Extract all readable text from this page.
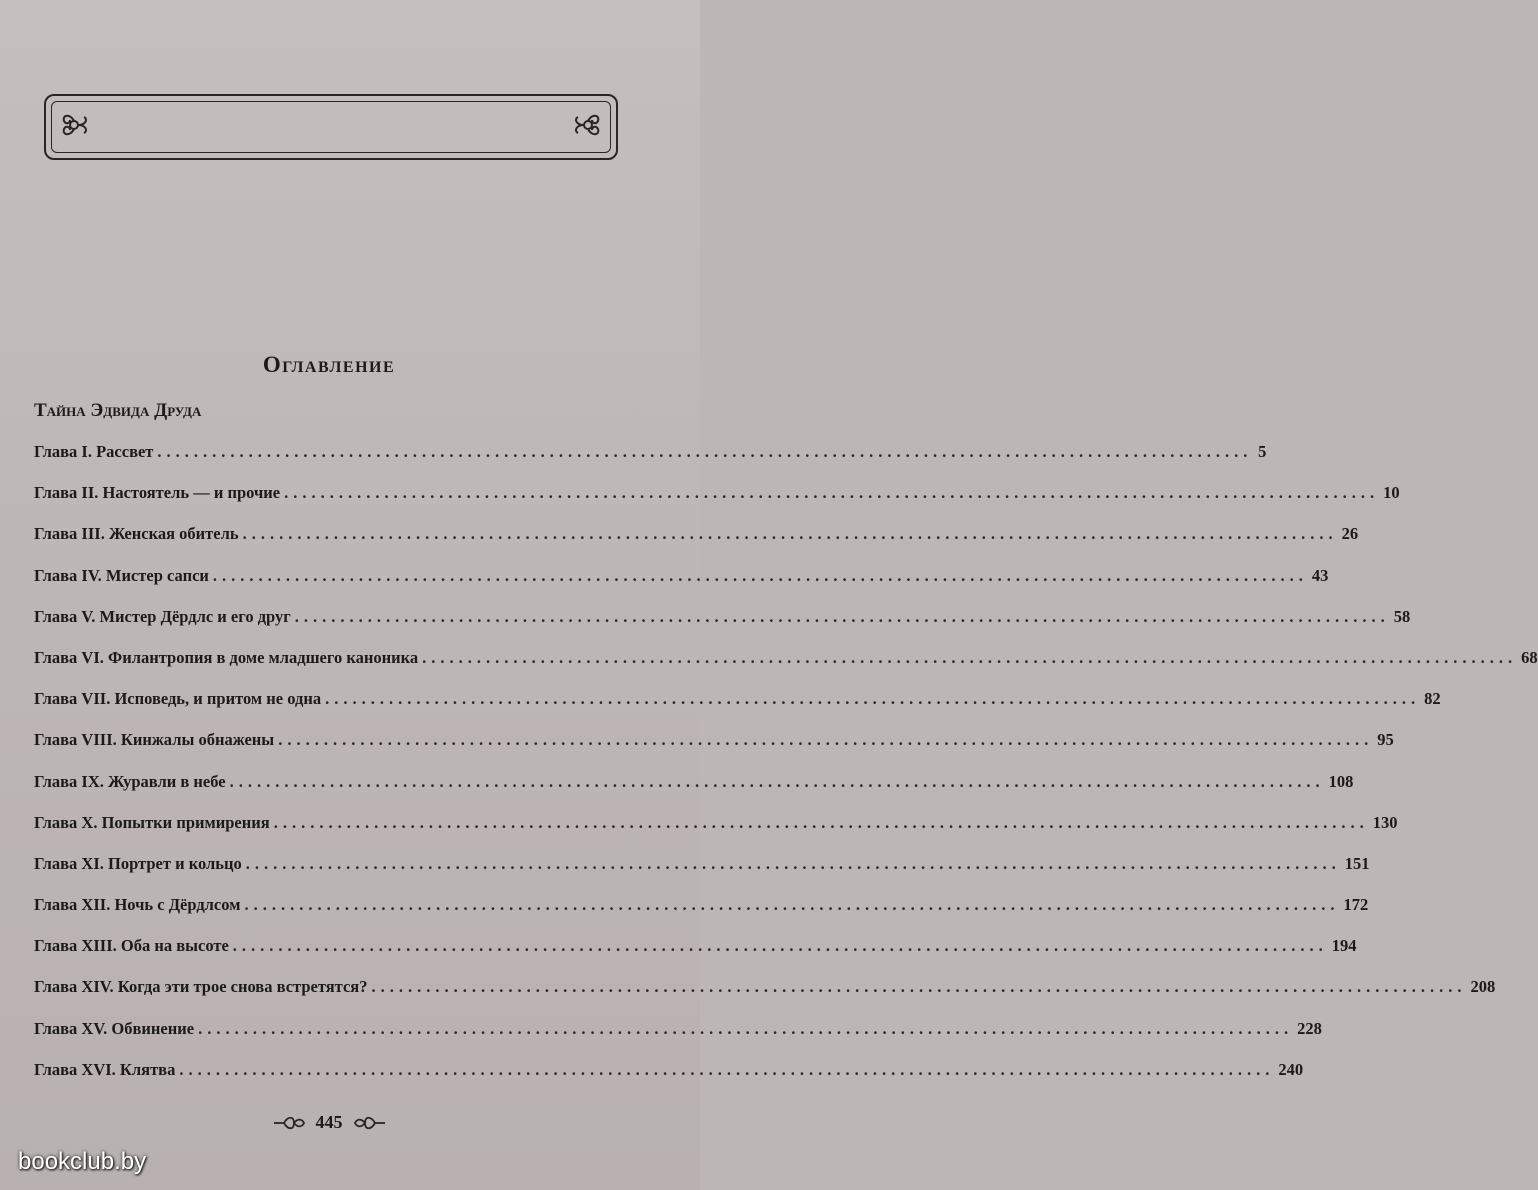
Оглавление
Тайна Эдвида Друда
Глава I. Рассвет ........................................................................................................................ 5
Глава II. Настоятель — и прочие ........................................................................................................................ 10
Глава III. Женская обитель ........................................................................................................................ 26
Глава IV. Мистер сапси ........................................................................................................................ 43
Глава V. Мистер Дёрдлс и его друг ........................................................................................................................ 58
Глава VI. Филантропия в доме младшего каноника ........................................................................................................................ 68
Глава VII. Исповедь, и притом не одна ........................................................................................................................ 82
Глава VIII. Кинжалы обнажены ........................................................................................................................ 95
Глава IX. Журавли в небе ........................................................................................................................ 108
Глава X. Попытки примирения ........................................................................................................................ 130
Глава XI. Портрет и кольцо ........................................................................................................................ 151
Глава XII. Ночь с Дёрдлсом ........................................................................................................................ 172
Глава XIII. Оба на высоте ........................................................................................................................ 194
Глава XIV. Когда эти трое снова встретятся? ........................................................................................................................ 208
Глава XV. Обвинение ........................................................................................................................ 228
Глава XVI. Клятва ........................................................................................................................ 240
445
bookclub.by
